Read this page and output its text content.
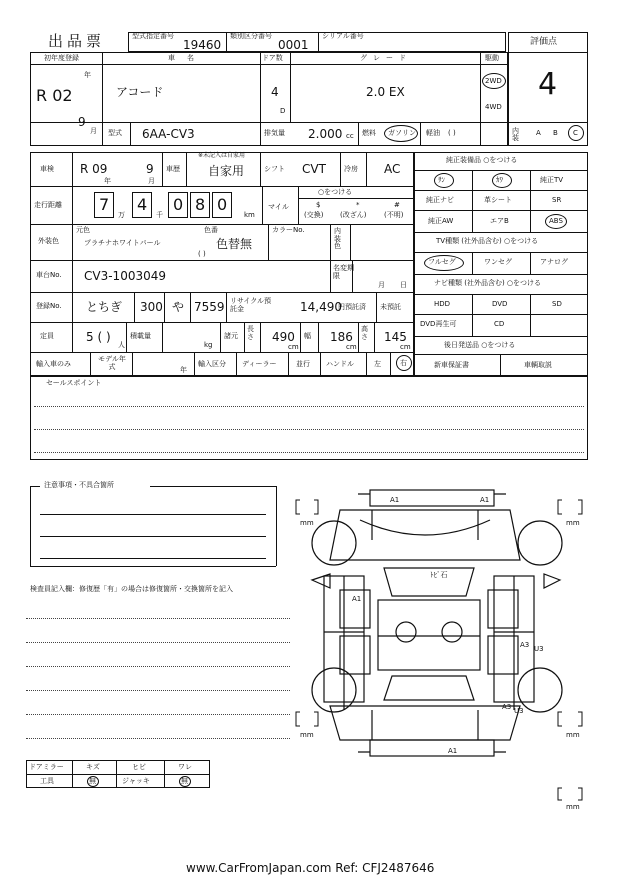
出品票	型式指定番号
19460
類別区分番号
0001
シリアル番号
評価点
4
初年度登録
R 02
年
9
月
車名
アコード
ドア数
4
D
グレード
2.0 EX
駆動
2WD
4WD
型式 6AA-CV3	排気量 2.000 cc 燃料 ガソリン 軽油 ( )	内装
A B C
車検 R 09
年
9
月
車歴
※未記入は自家用
自家用	シフト CVT	冷房 AC
走行距離 7
万
4
千
0 8 0
km
マイル
○をつける
$
(交換)
*
(改ざん)
#
(不明)
外装色
元色
プラチナホワイトパール
色番
色替無
( )
カラーNo.	内装色
車台No. CV3-1003049
名変期限
月 日
登録No. とちぎ 300 や 7559 リサイクル預託金	14,490
円預託済 未預託
定員	5 ( )
人
積載量
kg
諸元
長さ 490
cm
幅 186
cm
高さ 145
cm
輸入車のみ
モデル年式	年
輸入区分 ディーラー	並行 ハンドル	左	右
セールスポイント
純正装備品 ○をつける
ｻﾝ	ｶﾜ	純正TV
純正ナビ	革シート	SR
純正AW	エアB	ABS
TV種類 (社外品含む) ○をつける
フルセグ	ワンセグ	アナログ
ナビ種類 (社外品含む) ○をつける
HDD	DVD	SD
DVD再生可	CD
後日発送品 ○をつける
新車保証書	車輌取説
注意事項・不具合箇所
検査員記入欄：修復歴「有」の場合は修復箇所・交換箇所を記入
A1	A1
ﾄﾋﾞ石
A1
A3 U3
A3 U3
A1
mm	mm
mm	mm
mm
ドアミラー	キズ	ヒビ	ワレ
工具	無	ジャッキ	無
www.CarFromJapan.com Ref: CFJ2487646
